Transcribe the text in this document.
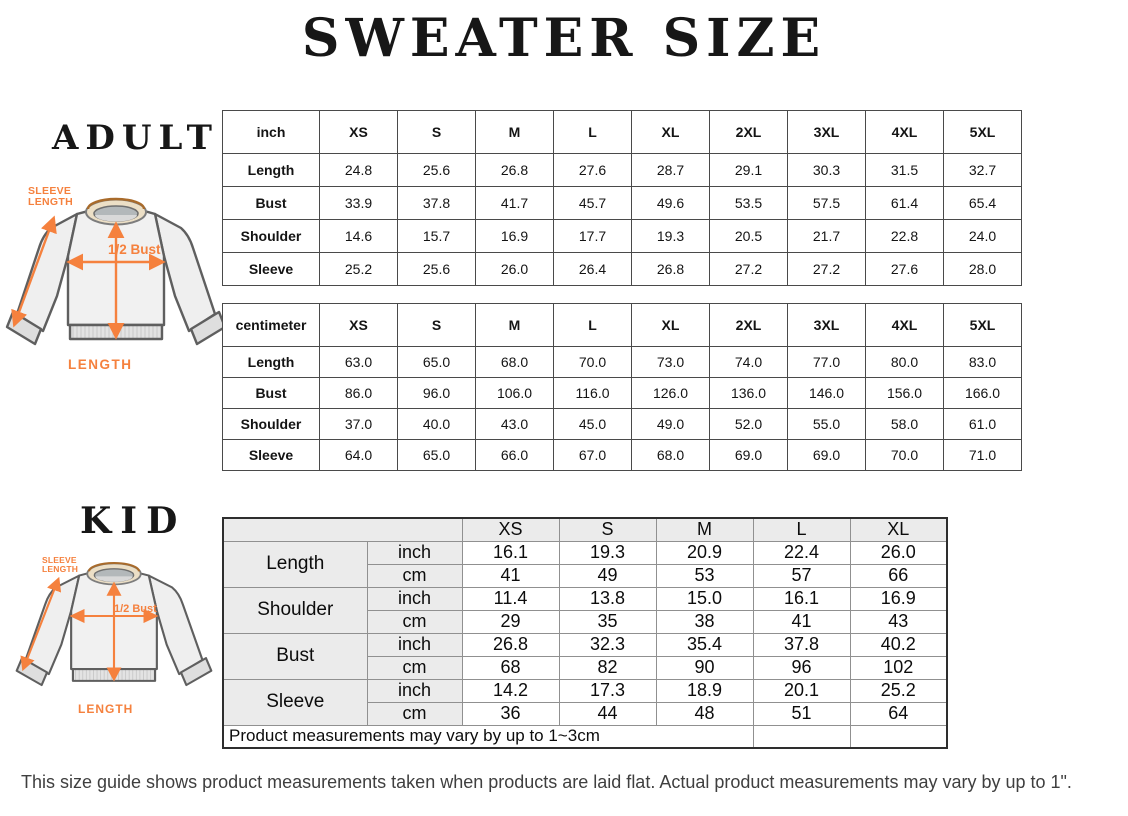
SWEATER SIZE
ADULT
SLEEVE LENGTH
1/2 Bust
LENGTH
inch	XS	S	M	L	XL	2XL	3XL	4XL	5XL
Length	24.8	25.6	26.8	27.6	28.7	29.1	30.3	31.5	32.7
Bust	33.9	37.8	41.7	45.7	49.6	53.5	57.5	61.4	65.4
Shoulder	14.6	15.7	16.9	17.7	19.3	20.5	21.7	22.8	24.0
Sleeve	25.2	25.6	26.0	26.4	26.8	27.2	27.2	27.6	28.0
centimeter	XS	S	M	L	XL	2XL	3XL	4XL	5XL
Length	63.0	65.0	68.0	70.0	73.0	74.0	77.0	80.0	83.0
Bust	86.0	96.0	106.0	116.0	126.0	136.0	146.0	156.0	166.0
Shoulder	37.0	40.0	43.0	45.0	49.0	52.0	55.0	58.0	61.0
Sleeve	64.0	65.0	66.0	67.0	68.0	69.0	69.0	70.0	71.0
KID
SLEEVE LENGTH
1/2 Bust
LENGTH
		XS	S	M	L	XL
Length	inch	16.1	19.3	20.9	22.4	26.0
	cm	41	49	53	57	66
Shoulder	inch	11.4	13.8	15.0	16.1	16.9
	cm	29	35	38	41	43
Bust	inch	26.8	32.3	35.4	37.8	40.2
	cm	68	82	90	96	102
Sleeve	inch	14.2	17.3	18.9	20.1	25.2
	cm	36	44	48	51	64
Product measurements may vary by up to 1~3cm						

This size guide shows product measurements taken when products are laid flat. Actual product measurements may vary by up to 1".
